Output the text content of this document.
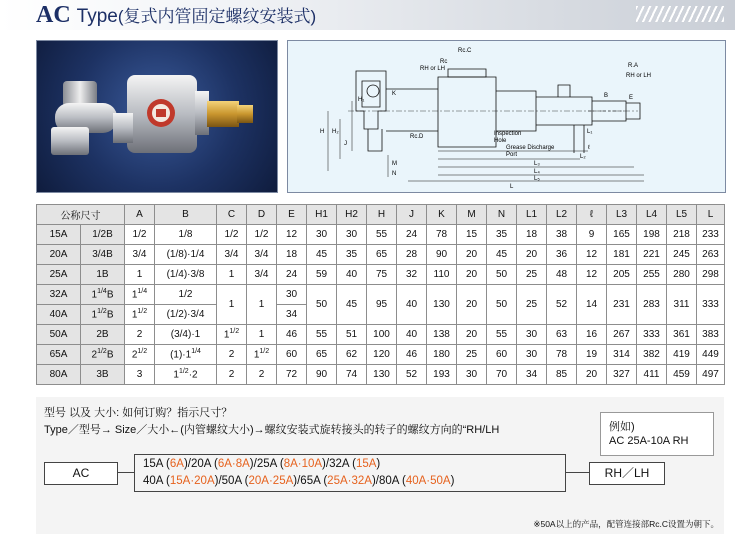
AC Type(复式内管固定螺纹安装式)
Rc
RH or LH
Rc.C
R.A
RH or LH
K
H₁
H₂
H
J
M
N
Rc.D	Inspection
Hole
Grease Discharge
Port
B	E
ℓ
L₁
L₂
L₃
L₄
L₅
L
公称尺寸		A	B	C	D	E	H1	H2	H	J	K	M	N	L1	L2	ℓ	L3	L4	L5	L
15A	1/2B	1/2	1/8	1/2	1/2	12	30	30	55	24	78	15	35	18	38	9	165	198	218	233
20A	3/4B	3/4	(1/8)·1/4	3/4	3/4	18	45	35	65	28	90	20	45	20	36	12	181	221	245	263
25A	1B	1	(1/4)·3/8	1	3/4	24	59	40	75	32	110	20	50	25	48	12	205	255	280	298
32A	$1^{1/4}B$	$1^{1/4}$	1/2	1	1	30	50	45	95	40	130	20	50	25	52	14	231	283	311	333
40A	$1^{1/2}B$	$1^{1/2}$	(1/2)·3/4			34														
50A	2B	2	(3/4)·1	$1^{1/2}$	1	46	55	51	100	40	138	20	55	30	63	16	267	333	361	383
65A	$2^{1/2}B$	$2^{1/2}$	$(1)\cdot 1^{1/4}$	2	$1^{1/2}$	60	65	62	120	46	180	25	60	30	78	19	314	382	419	449
80A	3B	3	$1^{1/2}\cdot 2$	2	2	72	90	74	130	52	193	30	70	34	85	20	327	411	459	497
型号 以及 大小: 如何订购？指示尺寸？
Type／型号→ Size／大小←(内管螺纹大小)→螺纹安装式旋转接头的转子的螺纹方向的“RH/LH	例如)
AC 25A-10A RH
AC
15A (6A)/20A (6A·8A)/25A (8A·10A)/32A (15A)
40A (15A·20A)/50A (20A·25A)/65A (25A·32A)/80A (40A·50A)
RH／LH
※50A以上的产品，配管连接部Rc.C设置为朝下。
